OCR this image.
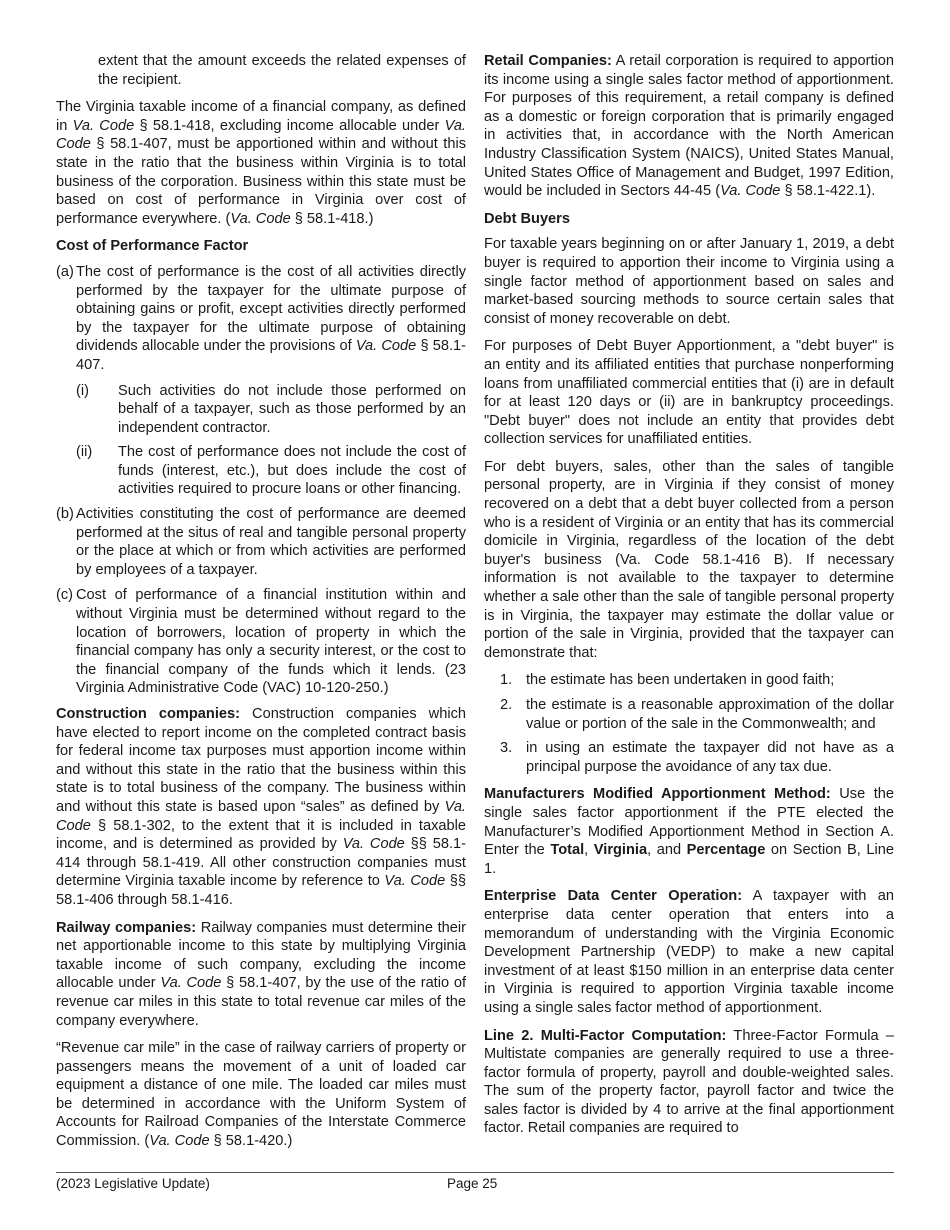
extent that the amount exceeds the related expenses of the recipient.

The Virginia taxable income of a financial company, as defined in Va. Code § 58.1-418, excluding income allocable under Va. Code § 58.1-407, must be apportioned within and without this state in the ratio that the business within Virginia is to total business of the corporation. Business within this state must be based on cost of performance in Virginia over cost of performance everywhere. (Va. Code § 58.1-418.)

Cost of Performance Factor
(a) The cost of performance is the cost of all activities directly performed by the taxpayer for the ultimate purpose of obtaining gains or profit, except activities directly performed by the taxpayer for the ultimate purpose of obtaining dividends allocable under the provisions of Va. Code § 58.1-407.
(i)	Such activities do not include those performed on behalf of a taxpayer, such as those performed by an independent contractor.
(ii)	The cost of performance does not include the cost of funds (interest, etc.), but does include the cost of activities required to procure loans or other financing.
(b) Activities constituting the cost of performance are deemed performed at the situs of real and tangible personal property or the place at which or from which activities are performed by employees of a taxpayer.
(c) Cost of performance of a financial institution within and without Virginia must be determined without regard to the location of borrowers, location of property in which the financial company has only a security interest, or the cost to the financial company of the funds which it lends. (23 Virginia Administrative Code (VAC) 10-120-250.)

Construction companies: Construction companies which have elected to report income on the completed contract basis for federal income tax purposes must apportion income within and without this state in the ratio that the business within this state is to total business of the company. The business within and without this state is based upon “sales” as defined by Va. Code § 58.1-302, to the extent that it is included in taxable income, and is determined as provided by Va. Code §§ 58.1-414 through 58.1-419. All other construction companies must determine Virginia taxable income by reference to Va. Code §§ 58.1-406 through 58.1-416.

Railway companies: Railway companies must determine their net apportionable income to this state by multiplying Virginia taxable income of such company, excluding the income allocable under Va. Code § 58.1-407, by the use of the ratio of revenue car miles in this state to total revenue car miles of the company everywhere.

“Revenue car mile” in the case of railway carriers of property or passengers means the movement of a unit of loaded car equipment a distance of one mile. The loaded car miles must be determined in accordance with the Uniform System of Accounts for Railroad Companies of the Interstate Commerce Commission. (Va. Code § 58.1-420.)

Retail Companies: A retail corporation is required to apportion its income using a single sales factor method of apportionment. For purposes of this requirement, a retail company is defined as a domestic or foreign corporation that is primarily engaged in activities that, in accordance with the North American Industry Classification System (NAICS), United States Manual, United States Office of Management and Budget, 1997 Edition, would be included in Sectors 44-45 (Va. Code § 58.1-422.1).

Debt Buyers

For taxable years beginning on or after January 1, 2019, a debt buyer is required to apportion their income to Virginia using a single factor method of apportionment based on sales and market-based sourcing methods to source certain sales that consist of money recoverable on debt.

For purposes of Debt Buyer Apportionment, a "debt buyer" is an entity and its affiliated entities that purchase nonperforming loans from unaffiliated commercial entities that (i) are in default for at least 120 days or (ii) are in bankruptcy proceedings. "Debt buyer" does not include an entity that provides debt collection services for unaffiliated entities.

For debt buyers, sales, other than the sales of tangible personal property, are in Virginia if they consist of money recovered on a debt that a debt buyer collected from a person who is a resident of Virginia or an entity that has its commercial domicile in Virginia, regardless of the location of the debt buyer's business (Va. Code 58.1-416 B). If necessary information is not available to the taxpayer to determine whether a sale other than the sale of tangible personal property is in Virginia, the taxpayer may estimate the dollar value or portion of the sale in Virginia, provided that the taxpayer can demonstrate that:

1. the estimate has been undertaken in good faith;
2. the estimate is a reasonable approximation of the dollar value or portion of the sale in the Commonwealth; and
3. in using an estimate the taxpayer did not have as a principal purpose the avoidance of any tax due.

Manufacturers Modified Apportionment Method: Use the single sales factor apportionment if the PTE elected the Manufacturer’s Modified Apportionment Method in Section A. Enter the Total, Virginia, and Percentage on Section B, Line 1.

Enterprise Data Center Operation: A taxpayer with an enterprise data center operation that enters into a memorandum of understanding with the Virginia Economic Development Partnership (VEDP) to make a new capital investment of at least $150 million in an enterprise data center in Virginia is required to apportion Virginia taxable income using a single sales factor method of apportionment.

Line 2. Multi-Factor Computation: Three-Factor Formula – Multistate companies are generally required to use a three-factor formula of property, payroll and double-weighted sales. The sum of the property factor, payroll factor and twice the sales factor is divided by 4 to arrive at the final apportionment factor. Retail companies are required to

(2023 Legislative Update)	Page 25
